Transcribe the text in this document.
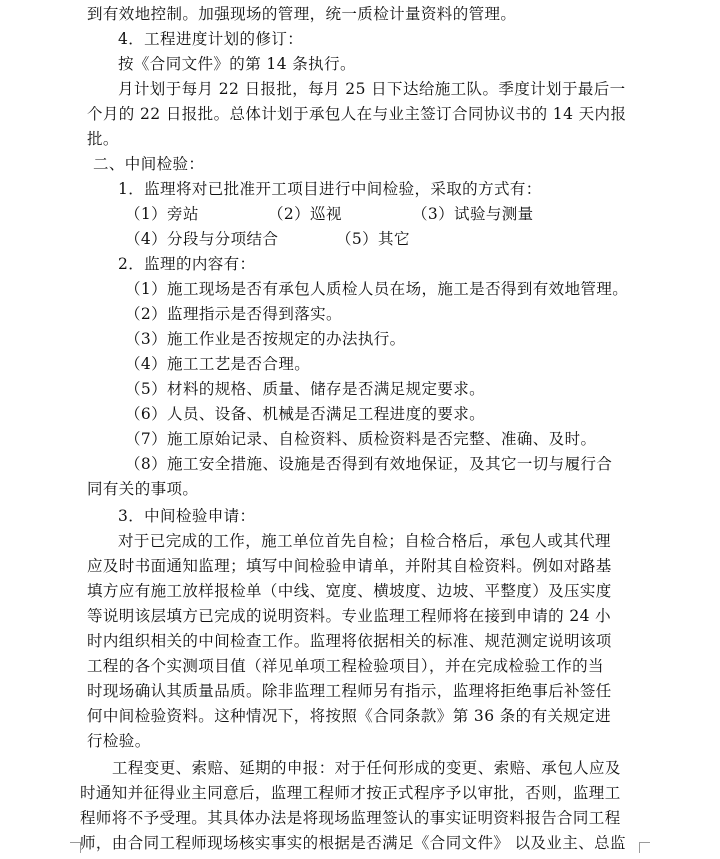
到有效地控制。加强现场的管理，统一质检计量资料的管理。
4．工程进度计划的修订：
按《合同文件》的第 14 条执行。
月计划于每月 22 日报批，每月 25 日下达给施工队。季度计划于最后一
个月的 22 日报批。总体计划于承包人在与业主签订合同协议书的 14 天内报
批。
二、中间检验：
1．监理将对已批准开工项目进行中间检验，采取的方式有：
（1）旁站	（2）巡视	（3）试验与测量
（4）分段与分项结合	（5）其它
2．监理的内容有：
（1）施工现场是否有承包人质检人员在场，施工是否得到有效地管理。
（2）监理指示是否得到落实。
（3）施工作业是否按规定的办法执行。
（4）施工工艺是否合理。
（5）材料的规格、质量、储存是否满足规定要求。
（6）人员、设备、机械是否满足工程进度的要求。
（7）施工原始记录、自检资料、质检资料是否完整、准确、及时。
（8）施工安全措施、设施是否得到有效地保证，及其它一切与履行合
同有关的事项。
3．中间检验申请：
对于已完成的工作，施工单位首先自检；自检合格后，承包人或其代理
应及时书面通知监理；填写中间检验申请单，并附其自检资料。例如对路基
填方应有施工放样报检单（中线、宽度、横坡度、边坡、平整度）及压实度
等说明该层填方已完成的说明资料。专业监理工程师将在接到申请的 24 小
时内组织相关的中间检查工作。监理将依据相关的标准、规范测定说明该项
工程的各个实测项目值（祥见单项工程检验项目），并在完成检验工作的当
时现场确认其质量品质。除非监理工程师另有指示，监理将拒绝事后补签任
何中间检验资料。这种情况下，将按照《合同条款》第 36 条的有关规定进
行检验。
工程变更、索赔、延期的申报：对于任何形成的变更、索赔、承包人应及
时通知并征得业主同意后，监理工程师才按正式程序予以审批，否则，监理工
程师将不予受理。其具体办法是将现场监理签认的事实证明资料报告合同工程
师，由合同工程师现场核实事实的根据是否满足《合同文件》 以及业主、总监
